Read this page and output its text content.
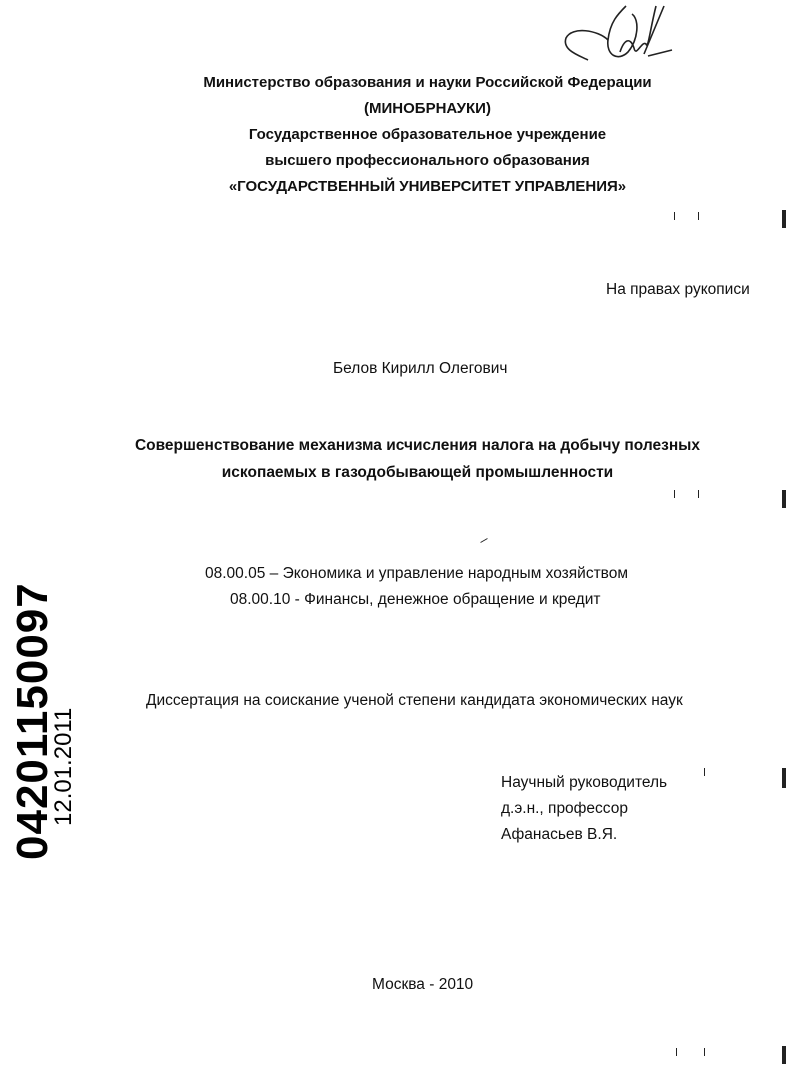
Министерство образования и науки Российской Федерации
(МИНОБРНАУКИ)
Государственное образовательное учреждение
высшего профессионального образования
«ГОСУДАРСТВЕННЫЙ УНИВЕРСИТЕТ УПРАВЛЕНИЯ»
На правах рукописи
Белов Кирилл Олегович
Совершенствование механизма исчисления налога на добычу полезных
ископаемых в газодобывающей промышленности
08.00.05 – Экономика и управление народным хозяйством
08.00.10 - Финансы, денежное обращение и кредит
Диссертация на соискание ученой степени кандидата экономических наук
Научный руководитель
д.э.н., профессор
Афанасьев В.Я.
Москва - 2010
04201150097
12.01.2011
